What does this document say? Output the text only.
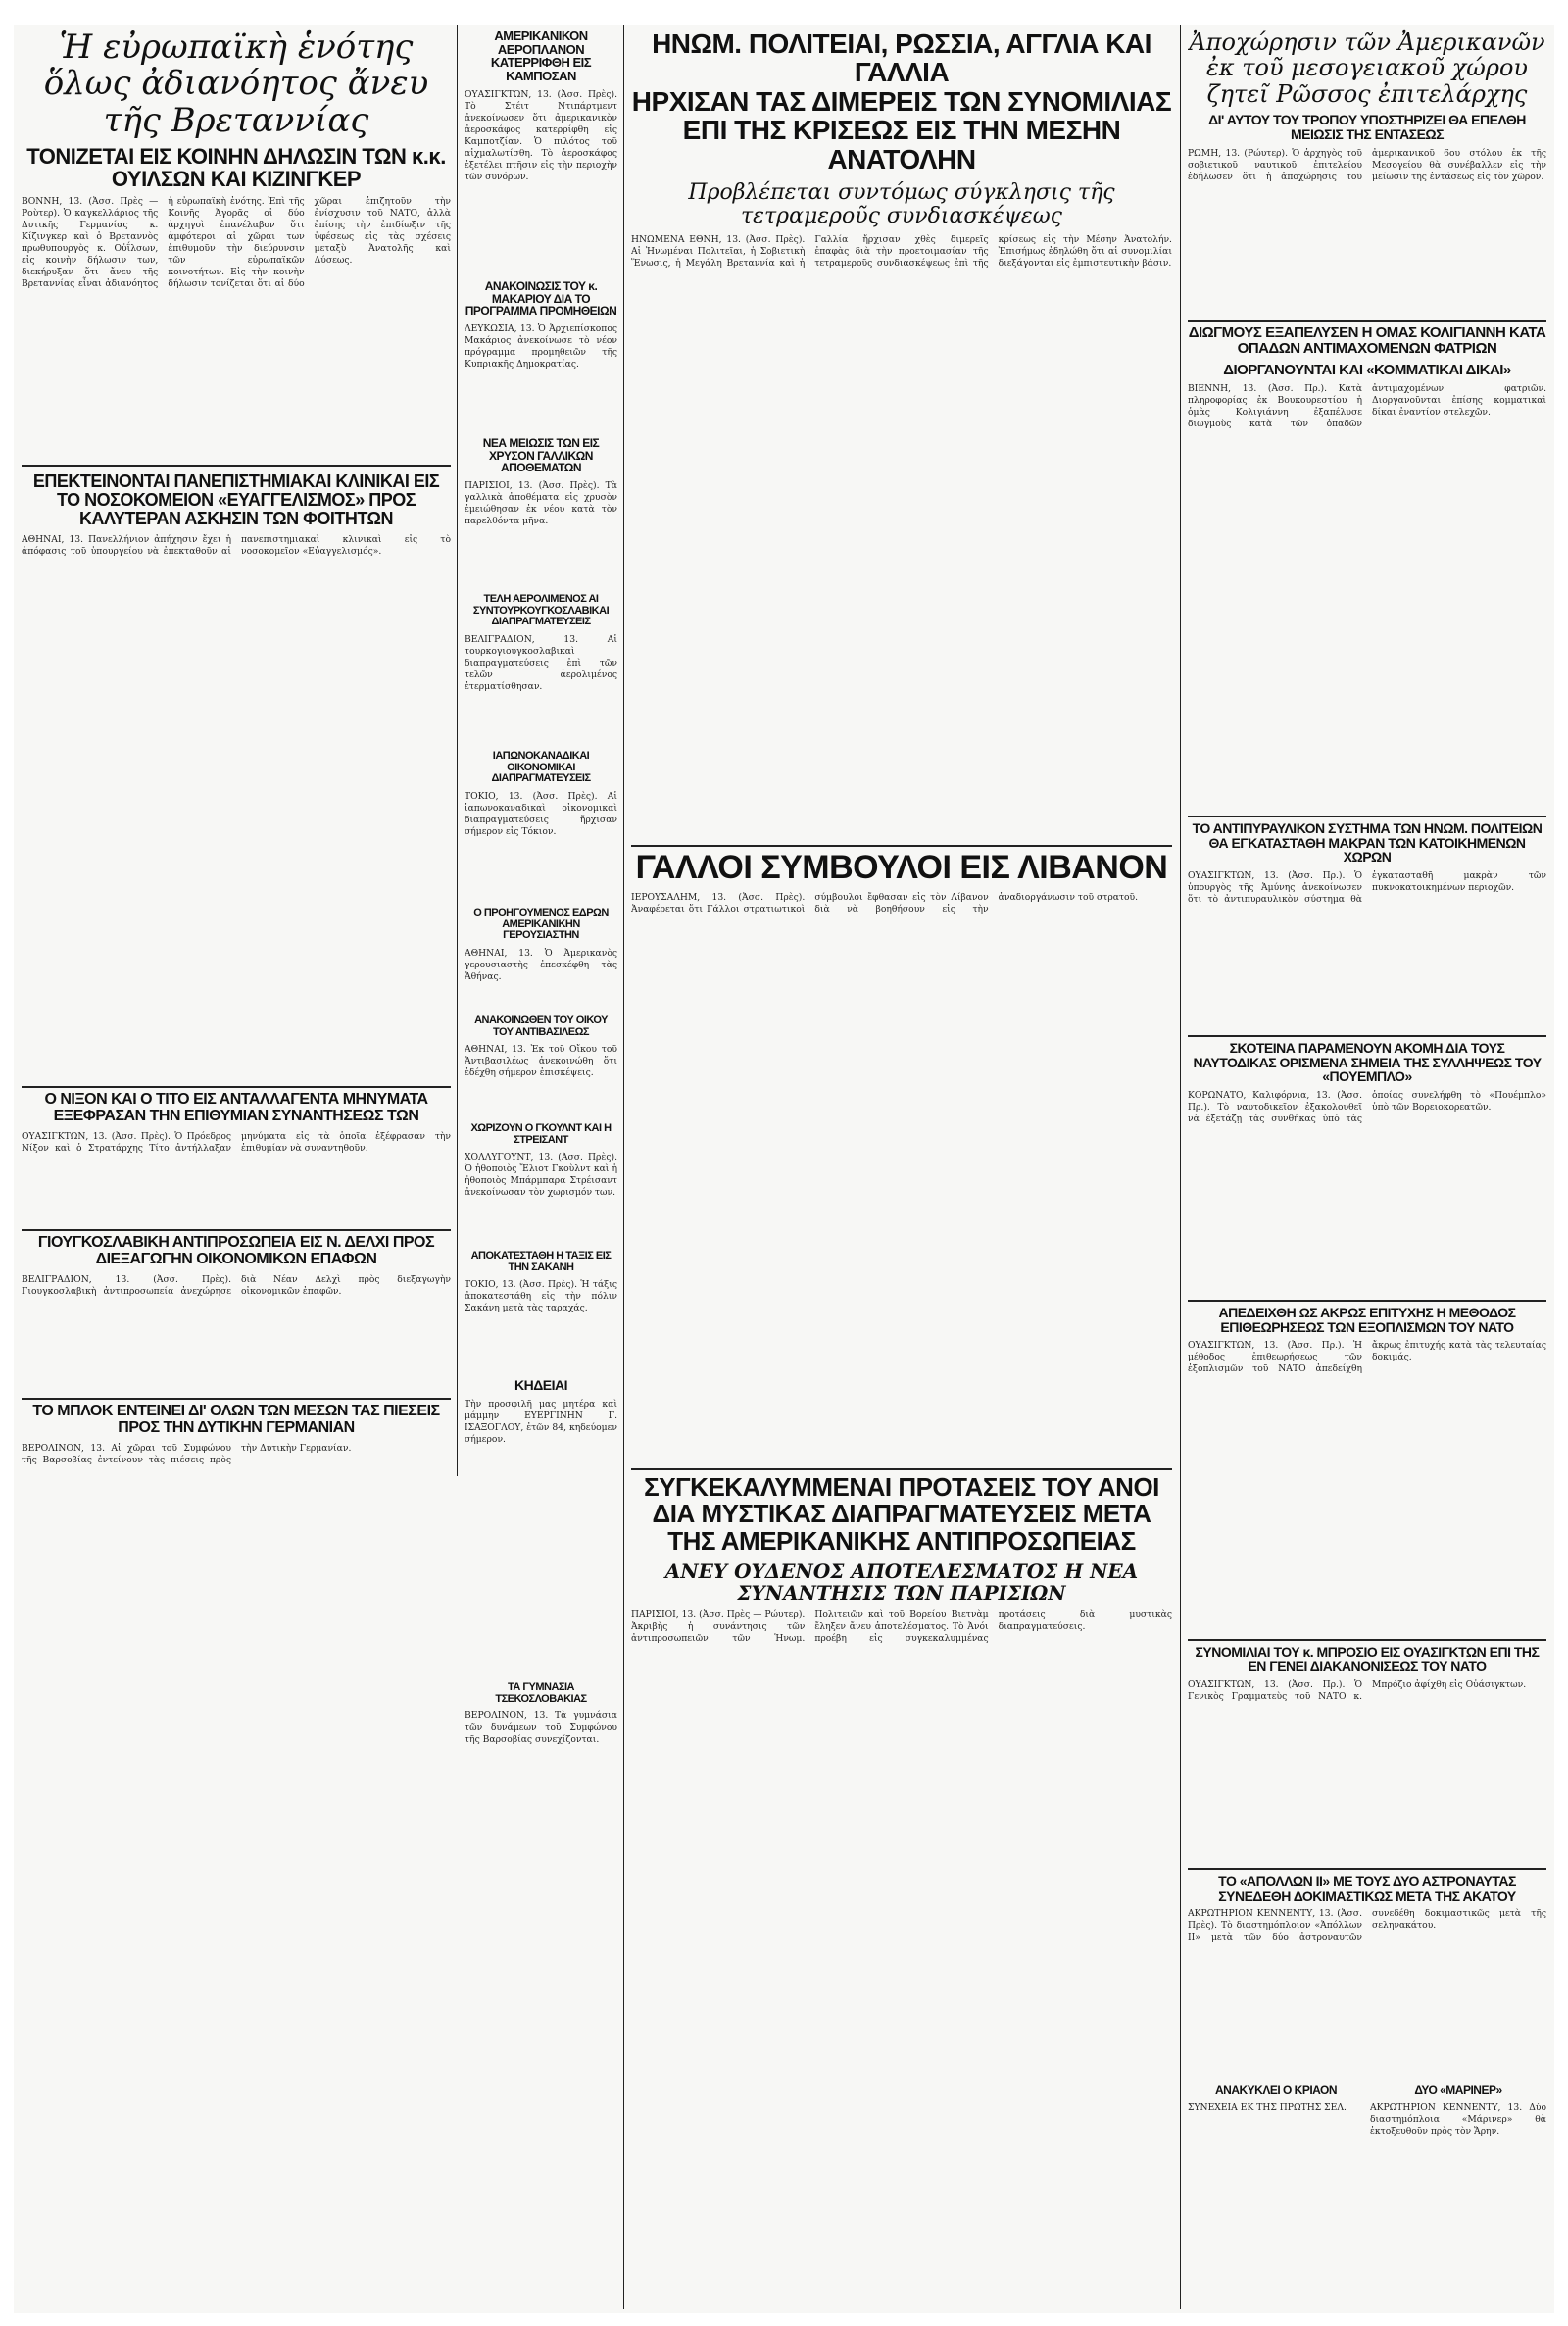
Ἡ εὐρωπαϊκὴ ἑνότης ὅλως ἀδιανόητος ἄνευ τῆς Βρεταννίας
ΤΟΝΙΖΕΤΑΙ ΕΙΣ ΚΟΙΝΗΝ ΔΗΛΩΣΙΝ ΤΩΝ κ.κ. ΟΥΙΛΣΩΝ ΚΑΙ ΚΙΖΙΝΓΚΕΡ
ΒΟΝΝΗ, 13. (Ἀσσ. Πρὲς — Ροὺτερ). Ὁ καγκελλάριος τῆς Δυτικῆς Γερμανίας κ. Κίζινγκερ καὶ ὁ Βρεταννὸς πρωθυπουργὸς κ. Οὐΐλσων, εἰς κοινὴν δήλωσιν των, διεκήρυξαν ὅτι ἄνευ τῆς Βρεταννίας εἶναι ἀδιανόητος ἡ εὐρωπαϊκὴ ἑνότης. Ἐπὶ τῆς Κοινῆς Ἀγορᾶς οἱ δύο ἀρχηγοὶ ἐπανέλαβον ὅτι ἀμφότεροι αἱ χῶραι των ἐπιθυμοῦν τὴν διεύρυνσιν τῶν εὐρωπαϊκῶν κοινοτήτων. Εἰς τὴν κοινὴν δήλωσιν τονίζεται ὅτι αἱ δύο χῶραι ἐπιζητοῦν τὴν ἐνίσχυσιν τοῦ ΝΑΤΟ, ἀλλὰ ἐπίσης τὴν ἐπιδίωξιν τῆς ὑφέσεως εἰς τὰς σχέσεις μεταξὺ Ἀνατολῆς καὶ Δύσεως.
ΕΠΕΚΤΕΙΝΟΝΤΑΙ ΠΑΝΕΠΙΣΤΗΜΙΑΚΑΙ ΚΛΙΝΙΚΑΙ ΕΙΣ ΤΟ ΝΟΣΟΚΟΜΕΙΟΝ «ΕΥΑΓΓΕΛΙΣΜΟΣ» ΠΡΟΣ ΚΑΛΥΤΕΡΑΝ ΑΣΚΗΣΙΝ ΤΩΝ ΦΟΙΤΗΤΩΝ
ΑΘΗΝΑΙ, 13. Πανελλήνιον ἀπήχησιν ἔχει ἡ ἀπόφασις τοῦ ὑπουργείου νὰ ἐπεκταθοῦν αἱ πανεπιστημιακαὶ κλινικαὶ εἰς τὸ νοσοκομεῖον «Εὐαγγελισμός».
Ο ΝΙΞΟΝ ΚΑΙ Ο ΤΙΤΟ ΕΙΣ ΑΝΤΑΛΛΑΓΕΝΤΑ ΜΗΝΥΜΑΤΑ ΕΞΕΦΡΑΣΑΝ ΤΗΝ ΕΠΙΘΥΜΙΑΝ ΣΥΝΑΝΤΗΣΕΩΣ ΤΩΝ
ΟΥΑΣΙΓΚΤΩΝ, 13. (Ἀσσ. Πρὲς). Ὁ Πρόεδρος Νίξον καὶ ὁ Στρατάρχης Τίτο ἀντήλλαξαν μηνύματα εἰς τὰ ὁποῖα ἐξέφρασαν τὴν ἐπιθυμίαν νὰ συναντηθοῦν.
ΓΙΟΥΓΚΟΣΛΑΒΙΚΗ ΑΝΤΙΠΡΟΣΩΠΕΙΑ ΕΙΣ Ν. ΔΕΛΧΙ ΠΡΟΣ ΔΙΕΞΑΓΩΓΗΝ ΟΙΚΟΝΟΜΙΚΩΝ ΕΠΑΦΩΝ
ΒΕΛΙΓΡΑΔΙΟΝ, 13. (Ἀσσ. Πρὲς). Γιουγκοσλαβικὴ ἀντιπροσωπεία ἀνεχώρησε διὰ Νέαν Δελχὶ πρὸς διεξαγωγὴν οἰκονομικῶν ἐπαφῶν.
ΤΟ ΜΠΛΟΚ ΕΝΤΕΙΝΕΙ ΔΙ' ΟΛΩΝ ΤΩΝ ΜΕΣΩΝ ΤΑΣ ΠΙΕΣΕΙΣ ΠΡΟΣ ΤΗΝ ΔΥΤΙΚΗΝ ΓΕΡΜΑΝΙΑΝ
ΒΕΡΟΛΙΝΟΝ, 13. Αἱ χῶραι τοῦ Συμφώνου τῆς Βαρσοβίας ἐντείνουν τὰς πιέσεις πρὸς τὴν Δυτικὴν Γερμανίαν.
ΑΜΕΡΙΚΑΝΙΚΟΝ ΑΕΡΟΠΛΑΝΟΝ ΚΑΤΕΡΡΙΦΘΗ ΕΙΣ ΚΑΜΠΟΣΑΝ
ΟΥΑΣΙΓΚΤΩΝ, 13. (Ἀσσ. Πρὲς). Τὸ Στέιτ Ντιπάρτμεντ ἀνεκοίνωσεν ὅτι ἀμερικανικὸν ἀεροσκάφος κατερρίφθη εἰς Καμποτζίαν. Ὁ πιλότος τοῦ αἰχμαλωτίσθη. Τὸ ἀεροσκάφος ἐξετέλει πτῆσιν εἰς τὴν περιοχὴν τῶν συνόρων.
ΑΝΑΚΟΙΝΩΣΙΣ ΤΟΥ κ. ΜΑΚΑΡΙΟΥ ΔΙΑ ΤΟ ΠΡΟΓΡΑΜΜΑ ΠΡΟΜΗΘΕΙΩΝ
ΛΕΥΚΩΣΙΑ, 13. Ὁ Ἀρχιεπίσκοπος Μακάριος ἀνεκοίνωσε τὸ νέον πρόγραμμα προμηθειῶν τῆς Κυπριακῆς Δημοκρατίας.
ΝΕΑ ΜΕΙΩΣΙΣ ΤΩΝ ΕΙΣ ΧΡΥΣΟΝ ΓΑΛΛΙΚΩΝ ΑΠΟΘΕΜΑΤΩΝ
ΠΑΡΙΣΙΟΙ, 13. (Ἀσσ. Πρὲς). Τὰ γαλλικὰ ἀποθέματα εἰς χρυσὸν ἐμειώθησαν ἐκ νέου κατὰ τὸν παρελθόντα μῆνα.
ΤΕΛΗ ΑΕΡΟΛΙΜΕΝΟΣ ΑΙ ΣΥΝΤΟΥΡΚΟΥΓΚΟΣΛΑΒΙΚΑΙ ΔΙΑΠΡΑΓΜΑΤΕΥΣΕΙΣ
ΒΕΛΙΓΡΑΔΙΟΝ, 13. Αἱ τουρκογιουγκοσλαβικαὶ διαπραγματεύσεις ἐπὶ τῶν τελῶν ἀερολιμένος ἐτερματίσθησαν.
ΙΑΠΩΝΟΚΑΝΑΔΙΚΑΙ ΟΙΚΟΝΟΜΙΚΑΙ ΔΙΑΠΡΑΓΜΑΤΕΥΣΕΙΣ
ΤΟΚΙΟ, 13. (Ἀσσ. Πρὲς). Αἱ ἰαπωνοκαναδικαὶ οἰκονομικαὶ διαπραγματεύσεις ἤρχισαν σήμερον εἰς Τόκιον.
Ο ΠΡΟΗΓΟΥΜΕΝΟΣ ΕΔΡΩΝ ΑΜΕΡΙΚΑΝΙΚΗΝ ΓΕΡΟΥΣΙΑΣΤΗΝ
ΑΘΗΝΑΙ, 13. Ὁ Ἀμερικανὸς γερουσιαστὴς ἐπεσκέφθη τὰς Ἀθήνας.
ΑΝΑΚΟΙΝΩΘΕΝ ΤΟΥ ΟΙΚΟΥ ΤΟΥ ΑΝΤΙΒΑΣΙΛΕΩΣ
ΑΘΗΝΑΙ, 13. Ἐκ τοῦ Οἴκου τοῦ Ἀντιβασιλέως ἀνεκοινώθη ὅτι ἐδέχθη σήμερον ἐπισκέψεις.
ΧΩΡΙΖΟΥΝ Ο ΓΚΟΥΛΝΤ ΚΑΙ Η ΣΤΡΕΙΣΑΝΤ
ΧΟΛΛΥΓΟΥΝΤ, 13. (Ἀσσ. Πρὲς). Ὁ ἠθοποιὸς Ἔλιοτ Γκοὺλντ καὶ ἡ ἠθοποιὸς Μπάρμπαρα Στρέισαντ ἀνεκοίνωσαν τὸν χωρισμόν των.
ΑΠΟΚΑΤΕΣΤΑΘΗ Η ΤΑΞΙΣ ΕΙΣ ΤΗΝ ΣΑΚΑΝΗ
ΤΟΚΙΟ, 13. (Ἀσσ. Πρὲς). Ἡ τάξις ἀποκατεστάθη εἰς τὴν πόλιν Σακάνη μετὰ τὰς ταραχάς.
ΚΗΔΕΙΑΙ
Τὴν προσφιλῆ μας μητέρα καὶ μάμμην ΕΥΕΡΓΙΝΗΝ Γ. ΙΣΑΞΟΓΛΟΥ, ἐτῶν 84, κηδεύομεν σήμερον.
ΤΑ ΓΥΜΝΑΣΙΑ ΤΣΕΚΟΣΛΟΒΑΚΙΑΣ
ΒΕΡΟΛΙΝΟΝ, 13. Τὰ γυμνάσια τῶν δυνάμεων τοῦ Συμφώνου τῆς Βαρσοβίας συνεχίζονται.
ΗΝΩΜ. ΠΟΛΙΤΕΙΑΙ, ΡΩΣΣΙΑ, ΑΓΓΛΙΑ ΚΑΙ ΓΑΛΛΙΑ
ΗΡΧΙΣΑΝ ΤΑΣ ΔΙΜΕΡΕΙΣ ΤΩΝ ΣΥΝΟΜΙΛΙΑΣ
ΕΠΙ ΤΗΣ ΚΡΙΣΕΩΣ ΕΙΣ ΤΗΝ ΜΕΣΗΝ ΑΝΑΤΟΛΗΝ
Προβλέπεται συντόμως σύγκλησις τῆς τετραμεροῦς συνδιασκέψεως
ΗΝΩΜΕΝΑ ΕΘΝΗ, 13. (Ἀσσ. Πρὲς). Αἱ Ἡνωμέναι Πολιτεῖαι, ἡ Σοβιετικὴ Ἕνωσις, ἡ Μεγάλη Βρεταννία καὶ ἡ Γαλλία ἤρχισαν χθὲς διμερεῖς ἐπαφὰς διὰ τὴν προετοιμασίαν τῆς τετραμεροῦς συνδιασκέψεως ἐπὶ τῆς κρίσεως εἰς τὴν Μέσην Ἀνατολήν. Ἐπισήμως ἐδηλώθη ὅτι αἱ συνομιλίαι διεξάγονται εἰς ἐμπιστευτικὴν βάσιν.
ΓΑΛΛΟΙ ΣΥΜΒΟΥΛΟΙ ΕΙΣ ΛΙΒΑΝΟΝ
ΙΕΡΟΥΣΑΛΗΜ, 13. (Ἀσσ. Πρὲς). Ἀναφέρεται ὅτι Γάλλοι στρατιωτικοὶ σύμβουλοι ἔφθασαν εἰς τὸν Λίβανον διὰ νὰ βοηθήσουν εἰς τὴν ἀναδιοργάνωσιν τοῦ στρατοῦ.
ΣΥΓΚΕΚΑΛΥΜΜΕΝΑΙ ΠΡΟΤΑΣΕΙΣ ΤΟΥ ΑΝΟΙ ΔΙΑ ΜΥΣΤΙΚΑΣ ΔΙΑΠΡΑΓΜΑΤΕΥΣΕΙΣ ΜΕΤΑ ΤΗΣ ΑΜΕΡΙΚΑΝΙΚΗΣ ΑΝΤΙΠΡΟΣΩΠΕΙΑΣ
ΑΝΕΥ ΟΥΔΕΝΟΣ ΑΠΟΤΕΛΕΣΜΑΤΟΣ Η ΝΕΑ ΣΥΝΑΝΤΗΣΙΣ ΤΩΝ ΠΑΡΙΣΙΩΝ
ΠΑΡΙΣΙΟΙ, 13. (Ἀσσ. Πρὲς — Ρώυτερ). Ἀκριβὴς ἡ συνάντησις τῶν ἀντιπροσωπειῶν τῶν Ἡνωμ. Πολιτειῶν καὶ τοῦ Βορείου Βιετνὰμ ἔληξεν ἄνευ ἀποτελέσματος. Τὸ Ἀνόι προέβη εἰς συγκεκαλυμμένας προτάσεις διὰ μυστικὰς διαπραγματεύσεις.
Ἀποχώρησιν τῶν Ἀμερικανῶν ἐκ τοῦ μεσογειακοῦ χώρου ζητεῖ Ρῶσσος ἐπιτελάρχης
ΔΙ' ΑΥΤΟΥ ΤΟΥ ΤΡΟΠΟΥ ΥΠΟΣΤΗΡΙΖΕΙ ΘΑ ΕΠΕΛΘΗ ΜΕΙΩΣΙΣ ΤΗΣ ΕΝΤΑΣΕΩΣ
ΡΩΜΗ, 13. (Ρώυτερ). Ὁ ἀρχηγὸς τοῦ σοβιετικοῦ ναυτικοῦ ἐπιτελείου ἐδήλωσεν ὅτι ἡ ἀποχώρησις τοῦ ἀμερικανικοῦ 6ου στόλου ἐκ τῆς Μεσογείου θὰ συνέβαλλεν εἰς τὴν μείωσιν τῆς ἐντάσεως εἰς τὸν χῶρον.
ΔΙΩΓΜΟΥΣ ΕΞΑΠΕΛΥΣΕΝ Η ΟΜΑΣ ΚΟΛΙΓΙΑΝΝΗ ΚΑΤΑ ΟΠΑΔΩΝ ΑΝΤΙΜΑΧΟΜΕΝΩΝ ΦΑΤΡΙΩΝ
ΔΙΟΡΓΑΝΟΥΝΤΑΙ ΚΑΙ «ΚΟΜΜΑΤΙΚΑΙ ΔΙΚΑΙ»
ΒΙΕΝΝΗ, 13. (Ἀσσ. Πρ.). Κατὰ πληροφορίας ἐκ Βουκουρεστίου ἡ ὁμὰς Κολιγιάννη ἐξαπέλυσε διωγμοὺς κατὰ τῶν ὀπαδῶν ἀντιμαχομένων φατριῶν. Διοργανοῦνται ἐπίσης κομματικαὶ δίκαι ἐναντίον στελεχῶν.
ΤΟ ΑΝΤΙΠΥΡΑΥΛΙΚΟΝ ΣΥΣΤΗΜΑ ΤΩΝ ΗΝΩΜ. ΠΟΛΙΤΕΙΩΝ ΘΑ ΕΓΚΑΤΑΣΤΑΘΗ ΜΑΚΡΑΝ ΤΩΝ ΚΑΤΟΙΚΗΜΕΝΩΝ ΧΩΡΩΝ
ΟΥΑΣΙΓΚΤΩΝ, 13. (Ἀσσ. Πρ.). Ὁ ὑπουργὸς τῆς Ἀμύνης ἀνεκοίνωσεν ὅτι τὸ ἀντιπυραυλικὸν σύστημα θὰ ἐγκατασταθῆ μακρὰν τῶν πυκνοκατοικημένων περιοχῶν.
ΣΚΟΤΕΙΝΑ ΠΑΡΑΜΕΝΟΥΝ ΑΚΟΜΗ ΔΙΑ ΤΟΥΣ ΝΑΥΤΟΔΙΚΑΣ ΟΡΙΣΜΕΝΑ ΣΗΜΕΙΑ ΤΗΣ ΣΥΛΛΗΨΕΩΣ ΤΟΥ «ΠΟΥΕΜΠΛΟ»
ΚΟΡΩΝΑΤΟ, Καλιφόρνια, 13. (Ἀσσ. Πρ.). Τὸ ναυτοδικεῖον ἐξακολουθεῖ νὰ ἐξετάζῃ τὰς συνθήκας ὑπὸ τὰς ὁποίας συνελήφθη τὸ «Πουέμπλο» ὑπὸ τῶν Βορειοκορεατῶν.
ΑΠΕΔΕΙΧΘΗ ΩΣ ΑΚΡΩΣ ΕΠΙΤΥΧΗΣ Η ΜΕΘΟΔΟΣ ΕΠΙΘΕΩΡΗΣΕΩΣ ΤΩΝ ΕΞΟΠΛΙΣΜΩΝ ΤΟΥ ΝΑΤΟ
ΟΥΑΣΙΓΚΤΩΝ, 13. (Ἀσσ. Πρ.). Ἡ μέθοδος ἐπιθεωρήσεως τῶν ἐξοπλισμῶν τοῦ ΝΑΤΟ ἀπεδείχθη ἄκρως ἐπιτυχής κατὰ τὰς τελευταίας δοκιμάς.
ΣΥΝΟΜΙΛΙΑΙ ΤΟΥ κ. ΜΠΡΟΣΙΟ ΕΙΣ ΟΥΑΣΙΓΚΤΩΝ ΕΠΙ ΤΗΣ ΕΝ ΓΕΝΕΙ ΔΙΑΚΑΝΟΝΙΣΕΩΣ ΤΟΥ ΝΑΤΟ
ΟΥΑΣΙΓΚΤΩΝ, 13. (Ἀσσ. Πρ.). Ὁ Γενικὸς Γραμματεὺς τοῦ ΝΑΤΟ κ. Μπρόζιο ἀφίχθη εἰς Οὐάσιγκτων.
ΤΟ «ΑΠΟΛΛΩΝ ΙΙ» ΜΕ ΤΟΥΣ ΔΥΟ ΑΣΤΡΟΝΑΥΤΑΣ ΣΥΝΕΔΕΘΗ ΔΟΚΙΜΑΣΤΙΚΩΣ ΜΕΤΑ ΤΗΣ ΑΚΑΤΟΥ
ΑΚΡΩΤΗΡΙΟΝ ΚΕΝΝΕΝΤΥ, 13. (Ἀσσ. Πρὲς). Τὸ διαστημόπλοιον «Ἀπόλλων ΙΙ» μετὰ τῶν δύο ἀστροναυτῶν συνεδέθη δοκιμαστικῶς μετὰ τῆς σεληνακάτου.
ΑΝΑΚΥΚΛΕΙ Ο ΚΡΙΑΟΝ
ΣΥΝΕΧΕΙΑ ΕΚ ΤΗΣ ΠΡΩΤΗΣ ΣΕΛ.
ΔΥΟ «ΜΑΡΙΝΕΡ»
ΑΚΡΩΤΗΡΙΟΝ ΚΕΝΝΕΝΤΥ, 13. Δύο διαστημόπλοια «Μάρινερ» θὰ ἐκτοξευθοῦν πρὸς τὸν Ἄρην.
